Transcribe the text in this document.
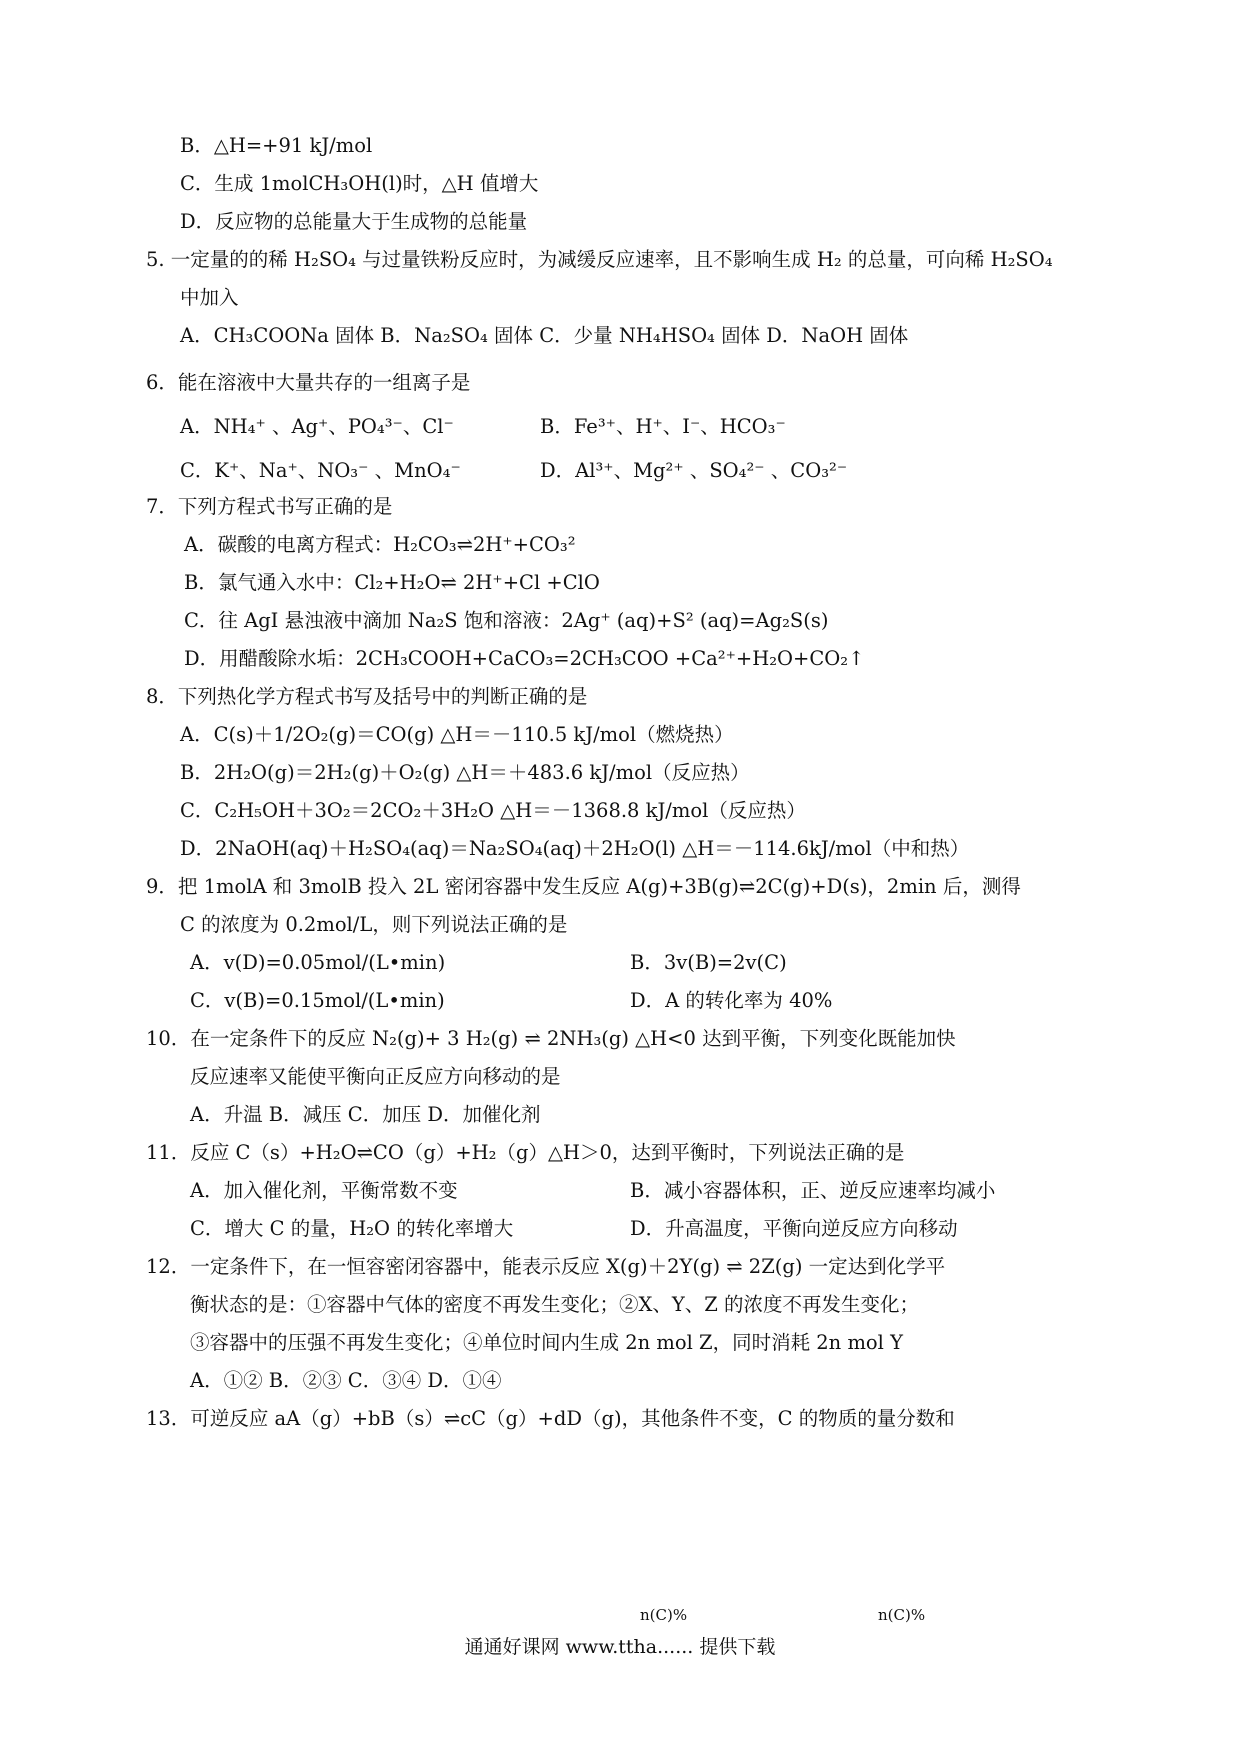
B．△H=+91 kJ/mol
C．生成 1molCH₃OH(l)时，△H 值增大
D．反应物的总能量大于生成物的总能量
5. 一定量的的稀 H₂SO₄ 与过量铁粉反应时，为减缓反应速率，且不影响生成 H₂ 的总量，可向稀 H₂SO₄
中加入
A．CH₃COONa 固体 B．Na₂SO₄ 固体 C．少量 NH₄HSO₄ 固体 D．NaOH 固体
6．能在溶液中大量共存的一组离子是
A．NH₄⁺ 、Ag⁺、PO₄³⁻、Cl⁻	B．Fe³⁺、H⁺、I⁻、HCO₃⁻
C．K⁺、Na⁺、NO₃⁻ 、MnO₄⁻	D．Al³⁺、Mg²⁺ 、SO₄²⁻ 、CO₃²⁻
7．下列方程式书写正确的是
A．碳酸的电离方程式：H₂CO₃⇌2H⁺+CO₃²
B．氯气通入水中：Cl₂+H₂O⇌ 2H⁺+Cl +ClO
C．往 AgI 悬浊液中滴加 Na₂S 饱和溶液：2Ag⁺ (aq)+S² (aq)=Ag₂S(s)
D．用醋酸除水垢：2CH₃COOH+CaCO₃=2CH₃COO +Ca²⁺+H₂O+CO₂↑
8．下列热化学方程式书写及括号中的判断正确的是
A．C(s)＋1/2O₂(g)＝CO(g) △H＝－110.5 kJ/mol（燃烧热）
B．2H₂O(g)＝2H₂(g)＋O₂(g) △H＝＋483.6 kJ/mol（反应热）
C．C₂H₅OH＋3O₂＝2CO₂＋3H₂O △H＝－1368.8 kJ/mol（反应热）
D．2NaOH(aq)＋H₂SO₄(aq)＝Na₂SO₄(aq)＋2H₂O(l) △H＝－114.6kJ/mol（中和热）
9．把 1molA 和 3molB 投入 2L 密闭容器中发生反应 A(g)+3B(g)⇌2C(g)+D(s)，2min 后，测得
C 的浓度为 0.2mol/L，则下列说法正确的是
A．v(D)=0.05mol/(L•min)	B．3v(B)=2v(C)
C．v(B)=0.15mol/(L•min)	D．A 的转化率为 40%
10．在一定条件下的反应 N₂(g)+ 3 H₂(g) ⇌ 2NH₃(g) △H<0 达到平衡，下列变化既能加快
反应速率又能使平衡向正反应方向移动的是
A．升温 B．减压 C．加压 D．加催化剂
11．反应 C（s）+H₂O⇌CO（g）+H₂（g）△H＞0，达到平衡时，下列说法正确的是
A．加入催化剂，平衡常数不变	B．减小容器体积，正、逆反应速率均减小
C．增大 C 的量，H₂O 的转化率增大	D．升高温度，平衡向逆反应方向移动
12．一定条件下，在一恒容密闭容器中，能表示反应 X(g)＋2Y(g) ⇌ 2Z(g) 一定达到化学平
衡状态的是：①容器中气体的密度不再发生变化；②X、Y、Z 的浓度不再发生变化；
③容器中的压强不再发生变化；④单位时间内生成 2n mol Z，同时消耗 2n mol Y
A．①② B．②③ C．③④ D．①④
13．可逆反应 aA（g）+bB（s）⇌cC（g）+dD（g)，其他条件不变，C 的物质的量分数和
n(C)%	n(C)%
通通好课网 www.ttha...... 提供下载
